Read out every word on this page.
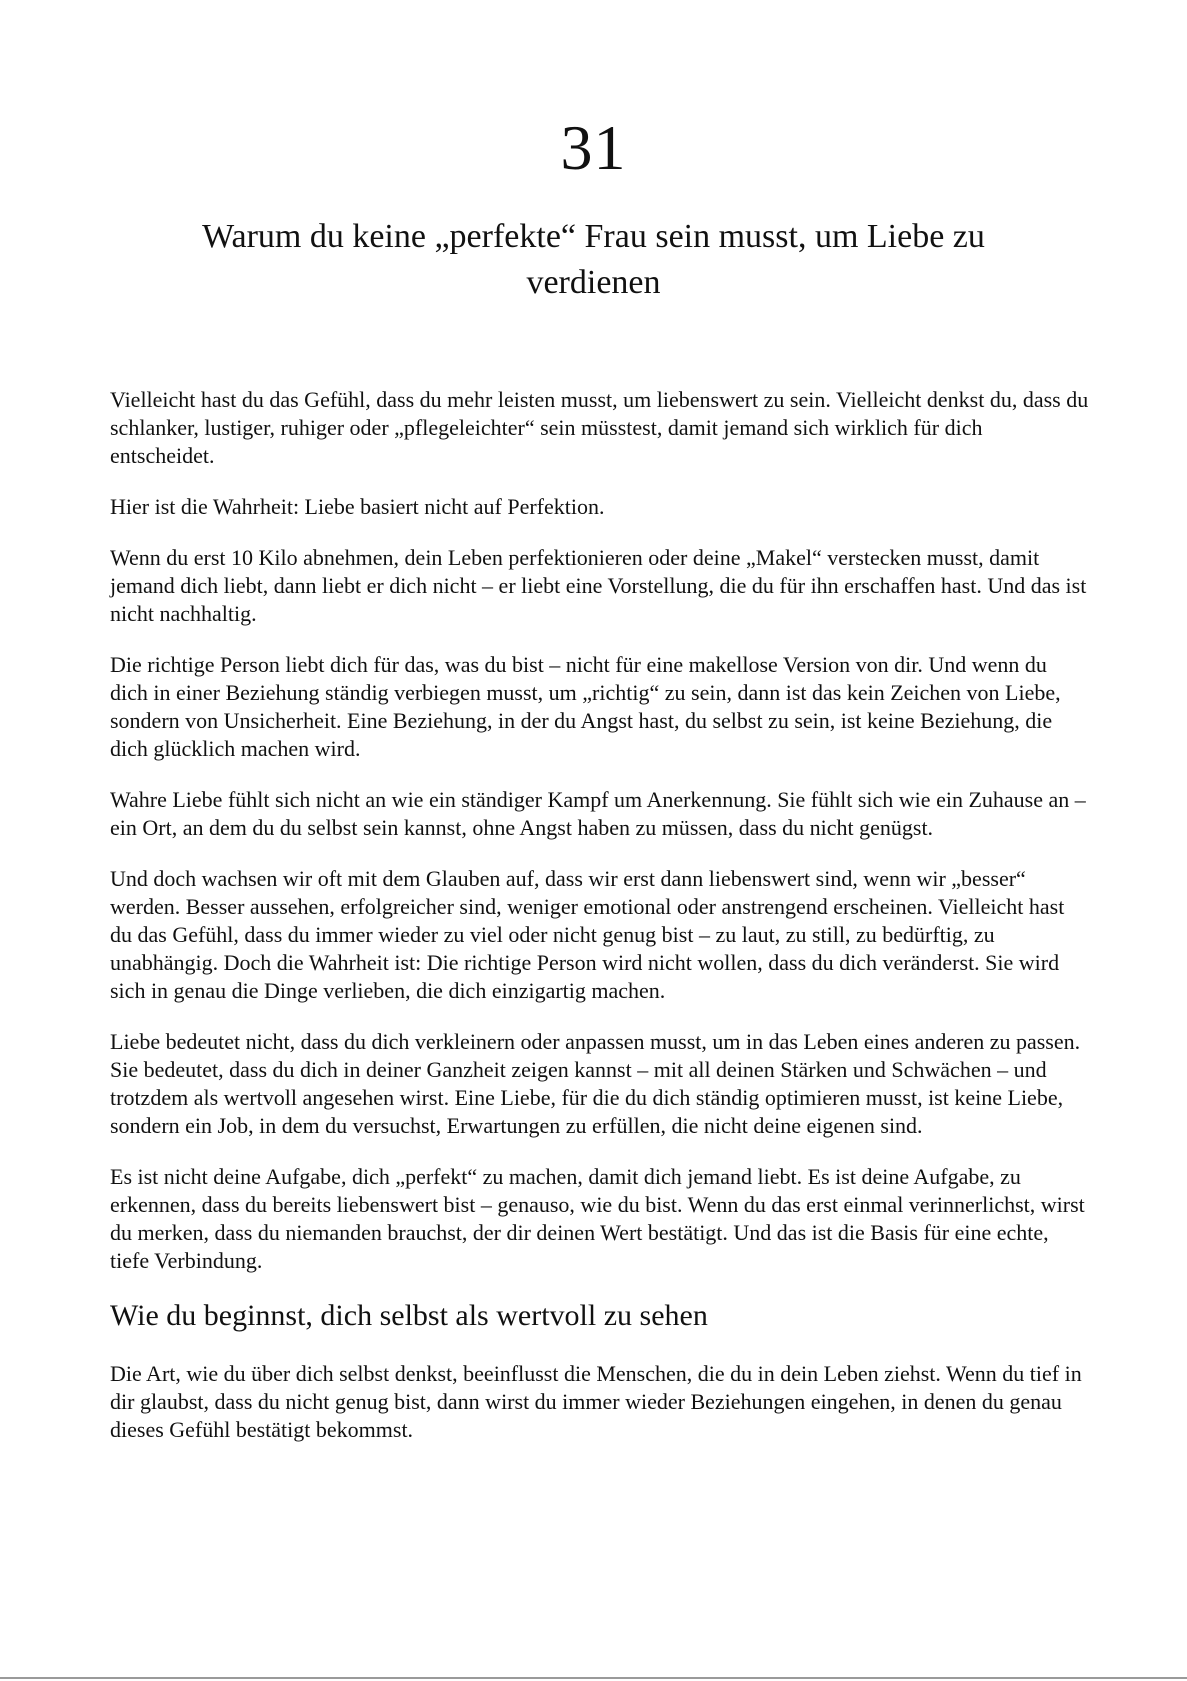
31
Warum du keine „perfekte“ Frau sein musst, um Liebe zu verdienen

Vielleicht hast du das Gefühl, dass du mehr leisten musst, um liebenswert zu sein. Vielleicht denkst du, dass du schlanker, lustiger, ruhiger oder „pflegeleichter“ sein müsstest, damit jemand sich wirklich für dich entscheidet.

Hier ist die Wahrheit: Liebe basiert nicht auf Perfektion.

Wenn du erst 10 Kilo abnehmen, dein Leben perfektionieren oder deine „Makel“ verstecken musst, damit jemand dich liebt, dann liebt er dich nicht – er liebt eine Vorstellung, die du für ihn erschaffen hast. Und das ist nicht nachhaltig.

Die richtige Person liebt dich für das, was du bist – nicht für eine makellose Version von dir. Und wenn du dich in einer Beziehung ständig verbiegen musst, um „richtig“ zu sein, dann ist das kein Zeichen von Liebe, sondern von Unsicherheit. Eine Beziehung, in der du Angst hast, du selbst zu sein, ist keine Beziehung, die dich glücklich machen wird.

Wahre Liebe fühlt sich nicht an wie ein ständiger Kampf um Anerkennung. Sie fühlt sich wie ein Zuhause an – ein Ort, an dem du du selbst sein kannst, ohne Angst haben zu müssen, dass du nicht genügst.

Und doch wachsen wir oft mit dem Glauben auf, dass wir erst dann liebenswert sind, wenn wir „besser“ werden. Besser aussehen, erfolgreicher sind, weniger emotional oder anstrengend erscheinen. Vielleicht hast du das Gefühl, dass du immer wieder zu viel oder nicht genug bist – zu laut, zu still, zu bedürftig, zu unabhängig. Doch die Wahrheit ist: Die richtige Person wird nicht wollen, dass du dich veränderst. Sie wird sich in genau die Dinge verlieben, die dich einzigartig machen.

Liebe bedeutet nicht, dass du dich verkleinern oder anpassen musst, um in das Leben eines anderen zu passen. Sie bedeutet, dass du dich in deiner Ganzheit zeigen kannst – mit all deinen Stärken und Schwächen – und trotzdem als wertvoll angesehen wirst. Eine Liebe, für die du dich ständig optimieren musst, ist keine Liebe, sondern ein Job, in dem du versuchst, Erwartungen zu erfüllen, die nicht deine eigenen sind.

Es ist nicht deine Aufgabe, dich „perfekt“ zu machen, damit dich jemand liebt. Es ist deine Aufgabe, zu erkennen, dass du bereits liebenswert bist – genauso, wie du bist. Wenn du das erst einmal verinnerlichst, wirst du merken, dass du niemanden brauchst, der dir deinen Wert bestätigt. Und das ist die Basis für eine echte, tiefe Verbindung.

Wie du beginnst, dich selbst als wertvoll zu sehen

Die Art, wie du über dich selbst denkst, beeinflusst die Menschen, die du in dein Leben ziehst. Wenn du tief in dir glaubst, dass du nicht genug bist, dann wirst du immer wieder Beziehungen eingehen, in denen du genau dieses Gefühl bestätigt bekommst.
